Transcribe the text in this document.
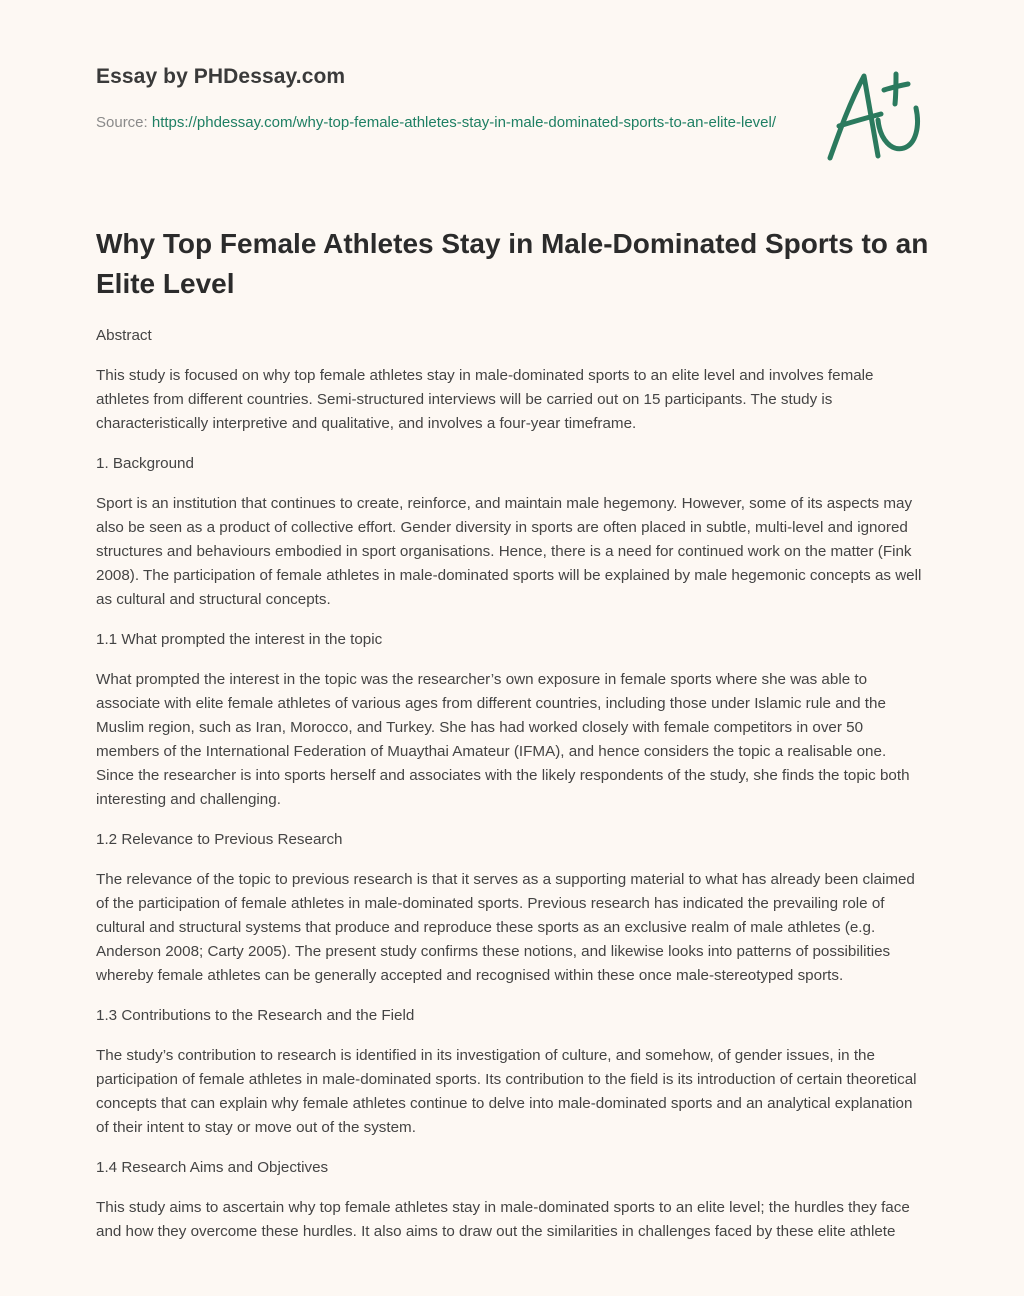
Essay by PHDessay.com
Source: https://phdessay.com/why-top-female-athletes-stay-in-male-dominated-sports-to-an-elite-level/
Why Top Female Athletes Stay in Male-Dominated Sports to an Elite Level

Abstract

This study is focused on why top female athletes stay in male-dominated sports to an elite level and involves female athletes from different countries. Semi-structured interviews will be carried out on 15 participants. The study is characteristically interpretive and qualitative, and involves a four-year timeframe.

1. Background

Sport is an institution that continues to create, reinforce, and maintain male hegemony. However, some of its aspects may also be seen as a product of collective effort. Gender diversity in sports are often placed in subtle, multi-level and ignored structures and behaviours embodied in sport organisations. Hence, there is a need for continued work on the matter (Fink 2008). The participation of female athletes in male-dominated sports will be explained by male hegemonic concepts as well as cultural and structural concepts.

1.1 What prompted the interest in the topic

What prompted the interest in the topic was the researcher’s own exposure in female sports where she was able to associate with elite female athletes of various ages from different countries, including those under Islamic rule and the Muslim region, such as Iran, Morocco, and Turkey. She has had worked closely with female competitors in over 50 members of the International Federation of Muaythai Amateur (IFMA), and hence considers the topic a realisable one. Since the researcher is into sports herself and associates with the likely respondents of the study, she finds the topic both interesting and challenging.

1.2 Relevance to Previous Research

The relevance of the topic to previous research is that it serves as a supporting material to what has already been claimed of the participation of female athletes in male-dominated sports. Previous research has indicated the prevailing role of cultural and structural systems that produce and reproduce these sports as an exclusive realm of male athletes (e.g. Anderson 2008; Carty 2005). The present study confirms these notions, and likewise looks into patterns of possibilities whereby female athletes can be generally accepted and recognised within these once male-stereotyped sports.

1.3 Contributions to the Research and the Field

The study’s contribution to research is identified in its investigation of culture, and somehow, of gender issues, in the participation of female athletes in male-dominated sports. Its contribution to the field is its introduction of certain theoretical concepts that can explain why female athletes continue to delve into male-dominated sports and an analytical explanation of their intent to stay or move out of the system.

1.4 Research Aims and Objectives

This study aims to ascertain why top female athletes stay in male-dominated sports to an elite level; the hurdles they face and how they overcome these hurdles. It also aims to draw out the similarities in challenges faced by these elite athlete
